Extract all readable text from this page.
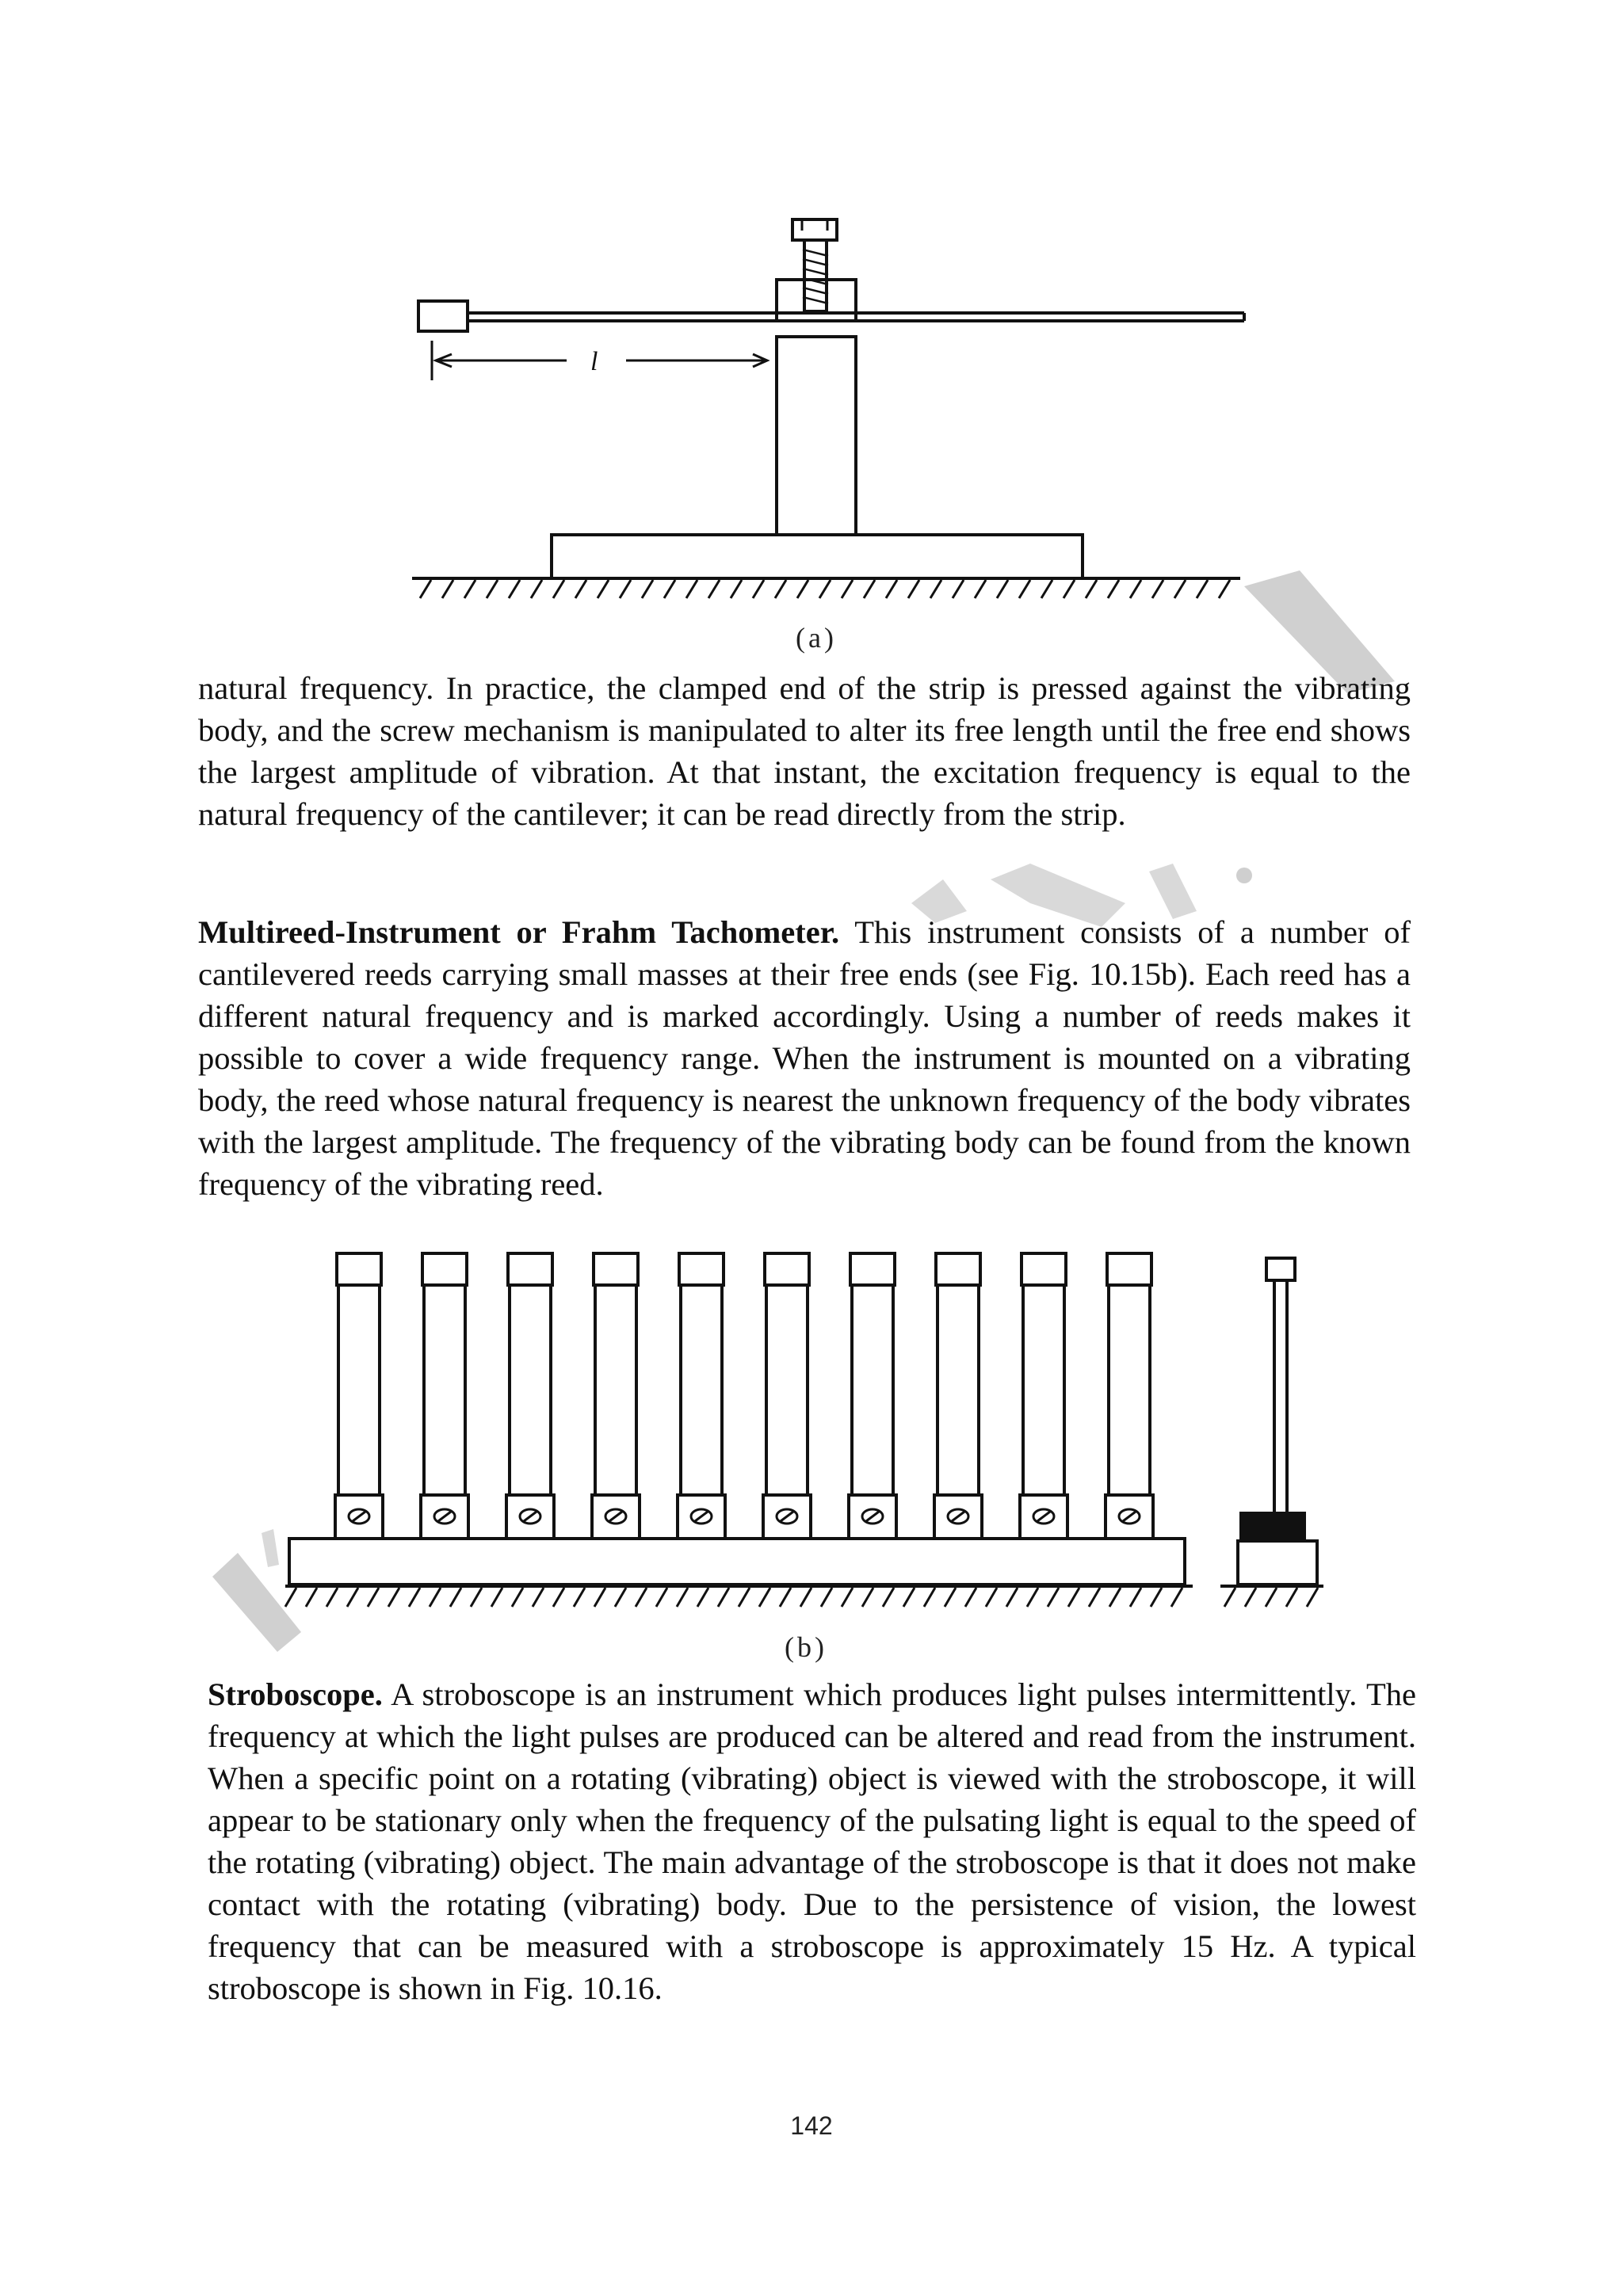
l
(a)

natural frequency. In practice, the clamped end of the strip is pressed against the vibrating body, and the screw mechanism is manipulated to alter its free length until the free end shows the largest amplitude of vibration. At that instant, the excitation frequency is equal to the natural frequency of the cantilever; it can be read directly from the strip.

Multireed-Instrument or Frahm Tachometer. This instrument consists of a number of cantilevered reeds carrying small masses at their free ends (see Fig. 10.15b). Each reed has a different natural frequency and is marked accordingly. Using a number of reeds makes it possible to cover a wide frequency range. When the instrument is mounted on a vibrating body, the reed whose natural frequency is nearest the unknown frequency of the body vibrates with the largest amplitude. The frequency of the vibrating body can be found from the known frequency of the vibrating reed.

(b)

Stroboscope. A stroboscope is an instrument which produces light pulses intermittently. The frequency at which the light pulses are produced can be altered and read from the instrument. When a specific point on a rotating (vibrating) object is viewed with the stroboscope, it will appear to be stationary only when the frequency of the pulsating light is equal to the speed of the rotating (vibrating) object. The main advantage of the stroboscope is that it does not make contact with the rotating (vibrating) body. Due to the persistence of vision, the lowest frequency that can be measured with a stroboscope is approximately 15 Hz. A typical stroboscope is shown in Fig. 10.16.

142
